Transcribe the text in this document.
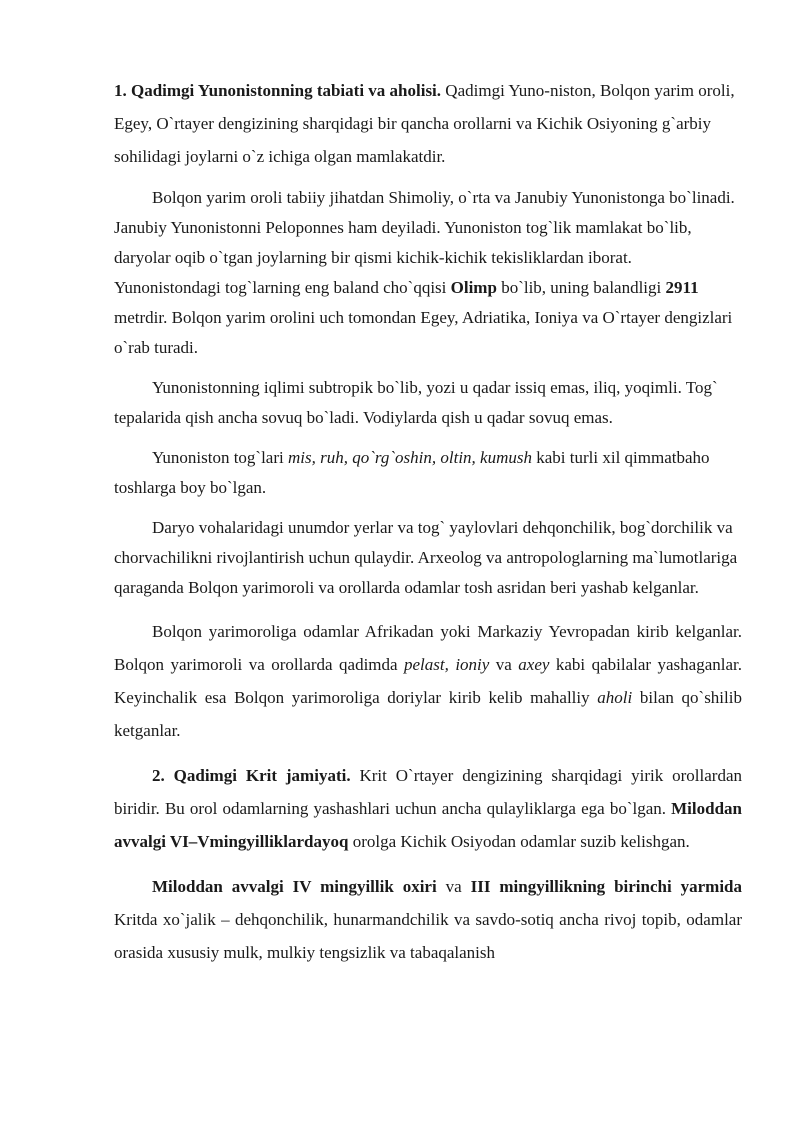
1. Qadimgi Yunonistonning tabiati va aholisi. Qadimgi Yuno-niston, Bolqon yarim oroli, Egey, O`rtayer dengizining sharqidagi bir qancha orollarni va Kichik Osiyoning g`arbiy sohilidagi joylarni o`z ichiga olgan mamlakatdir.

Bolqon yarim oroli tabiiy jihatdan Shimoliy, o`rta va Janubiy Yunonistonga bo`linadi. Janubiy Yunonistonni Peloponnes ham deyiladi. Yunoniston tog`lik mamlakat bo`lib, daryolar oqib o`tgan joylarning bir qismi kichik-kichik tekisliklardan iborat. Yunonistondagi tog`larning eng baland cho`qqisi Olimp bo`lib, uning balandligi 2911 metrdir. Bolqon yarim orolini uch tomondan Egey, Adriatika, Ioniya va O`rtayer dengizlari o`rab turadi.

Yunonistonning iqlimi subtropik bo`lib, yozi u qadar issiq emas, iliq, yoqimli. Tog` tepalarida qish ancha sovuq bo`ladi. Vodiylarda qish u qadar sovuq emas.

Yunoniston tog`lari mis, ruh, qo`rg`oshin, oltin, kumush kabi turli xil qimmatbaho toshlarga boy bo`lgan.

Daryo vohalaridagi unumdor yerlar va tog` yaylovlari dehqonchilik, bog`dorchilik va chorvachilikni rivojlantirish uchun qulaydir. Arxeolog va antropologlarning ma`lumotlariga qaraganda Bolqon yarimoroli va orollarda odamlar tosh asridan beri yashab kelganlar.

Bolqon yarimoroliga odamlar Afrikadan yoki Markaziy Yevropadan kirib kelganlar. Bolqon yarimoroli va orollarda qadimda pelast, ioniy va axey kabi qabilalar yashaganlar. Keyinchalik esa Bolqon yarimoroliga doriylar kirib kelib mahalliy aholi bilan qo`shilib ketganlar.

2. Qadimgi Krit jamiyati. Krit O`rtayer dengizining sharqidagi yirik orollardan biridir. Bu orol odamlarning yashashlari uchun ancha qulayliklarga ega bo`lgan. Miloddan avvalgi VI–Vmingyilliklardayoq orolga Kichik Osiyodan odamlar suzib kelishgan.

Miloddan avvalgi IV mingyillik oxiri va III mingyillikning birinchi yarmida Kritda xo`jalik – dehqonchilik, hunarmandchilik va savdo-sotiq ancha rivoj topib, odamlar orasida xususiy mulk, mulkiy tengsizlik va tabaqalanish
